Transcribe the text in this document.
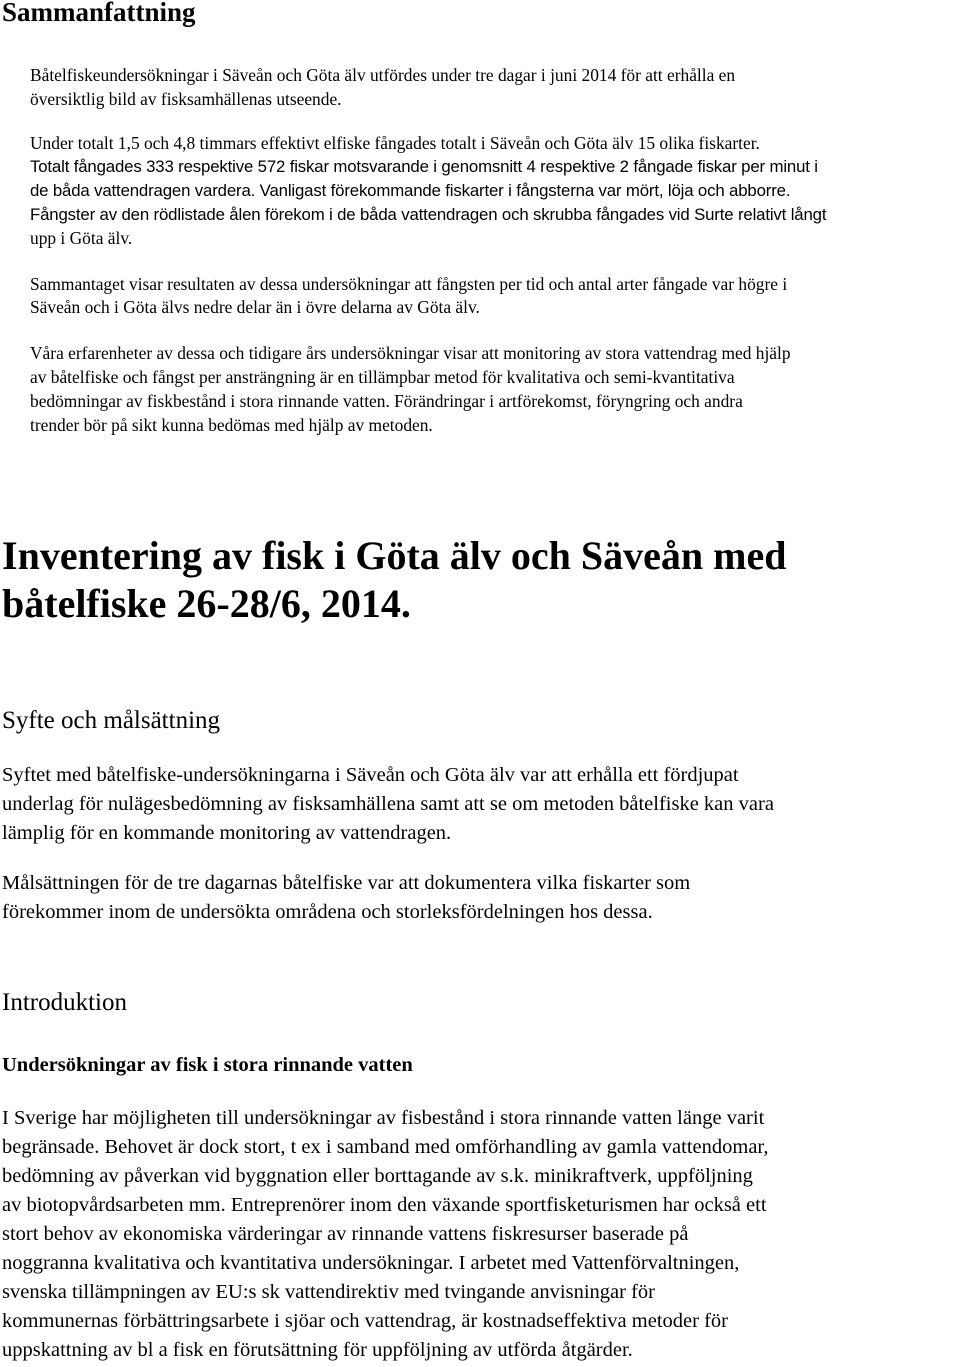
Sammanfattning

Båtelfiskeundersökningar i Säveån och Göta älv utfördes under tre dagar i juni 2014 för att erhålla en
översiktlig bild av fisksamhällenas utseende.

Under totalt 1,5 och 4,8 timmars effektivt elfiske fångades totalt i Säveån och Göta älv 15 olika fiskarter.
Totalt fångades 333 respektive 572 fiskar motsvarande i genomsnitt 4 respektive 2 fångade fiskar per minut i
de båda vattendragen vardera. Vanligast förekommande fiskarter i fångsterna var mört, löja och abborre.
Fångster av den rödlistade ålen förekom i de båda vattendragen och skrubba fångades vid Surte relativt långt
upp i Göta älv.

Sammantaget visar resultaten av dessa undersökningar att fångsten per tid och antal arter fångade var högre i
Säveån och i Göta älvs nedre delar än i övre delarna av Göta älv.

Våra erfarenheter av dessa och tidigare års undersökningar visar att monitoring av stora vattendrag med hjälp
av båtelfiske och fångst per ansträngning är en tillämpbar metod för kvalitativa och semi-kvantitativa
bedömningar av fiskbestånd i stora rinnande vatten. Förändringar i artförekomst, föryngring och andra
trender bör på sikt kunna bedömas med hjälp av metoden.

Inventering av fisk i Göta älv och Säveån med
båtelfiske 26-28/6, 2014.
Syfte och målsättning

Syftet med båtelfiske-undersökningarna i Säveån och Göta älv var att erhålla ett fördjupat
underlag för nulägesbedömning av fisksamhällena samt att se om metoden båtelfiske kan vara
lämplig för en kommande monitoring av vattendragen.

Målsättningen för de tre dagarnas båtelfiske var att dokumentera vilka fiskarter som
förekommer inom de undersökta områdena och storleksfördelningen hos dessa.

Introduktion
Undersökningar av fisk i stora rinnande vatten
I Sverige har möjligheten till undersökningar av fisbestånd i stora rinnande vatten länge varit
begränsade. Behovet är dock stort, t ex i samband med omförhandling av gamla vattendomar,
bedömning av påverkan vid byggnation eller borttagande av s.k. minikraftverk, uppföljning
av biotopvårdsarbeten mm. Entreprenörer inom den växande sportfisketurismen har också ett
stort behov av ekonomiska värderingar av rinnande vattens fiskresurser baserade på
noggranna kvalitativa och kvantitativa undersökningar. I arbetet med Vattenförvaltningen,
svenska tillämpningen av EU:s sk vattendirektiv med tvingande anvisningar för
kommunernas förbättringsarbete i sjöar och vattendrag, är kostnadseffektiva metoder för
uppskattning av bl a fisk en förutsättning för uppföljning av utförda åtgärder.
